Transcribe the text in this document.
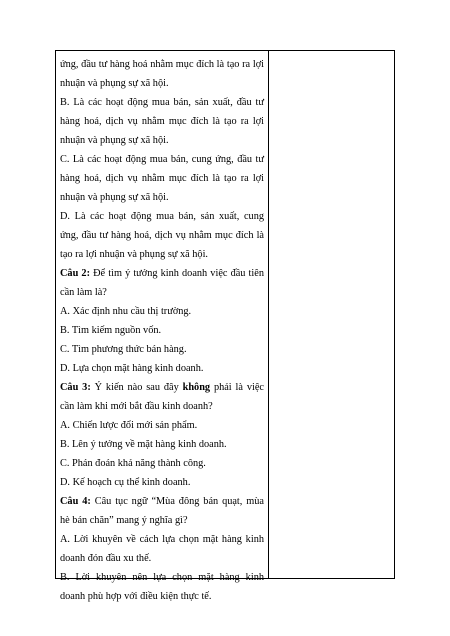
ứng, đầu tư hàng hoá nhằm mục đích là tạo ra lợi nhuận và phụng sự xã hội.

B. Là các hoạt động mua bán, sản xuất, đầu tư hàng hoá, dịch vụ nhằm mục đích là tạo ra lợi nhuận và phụng sự xã hội.

C. Là các hoạt động mua bán, cung ứng, đầu tư hàng hoá, dịch vụ nhằm mục đích là tạo ra lợi nhuận và phụng sự xã hội.

D. Là các hoạt động mua bán, sản xuất, cung ứng, đầu tư hàng hoá, dịch vụ nhằm mục đích là tạo ra lợi nhuận và phụng sự xã hội.

Câu 2: Để tìm ý tưởng kinh doanh việc đầu tiên cần làm là?

A. Xác định nhu cầu thị trường.

B. Tìm kiếm nguồn vốn.

C. Tìm phương thức bán hàng.

D. Lựa chọn mặt hàng kinh doanh.

Câu 3: Ý kiến nào sau đây không phải là việc cần làm khi mới bắt đầu kinh doanh?

A. Chiến lược đổi mới sản phẩm.

B. Lên ý tưởng về mặt hàng kinh doanh.

C. Phán đoán khả năng thành công.

D. Kế hoạch cụ thể kinh doanh.

Câu 4: Câu tục ngữ “Mùa đông bán quạt, mùa hè bán chăn” mang ý nghĩa gì?

A. Lời khuyên về cách lựa chọn mặt hàng kinh doanh đón đầu xu thế.

B. Lời khuyên nên lựa chọn mặt hàng kinh doanh phù hợp với điều kiện thực tế.
